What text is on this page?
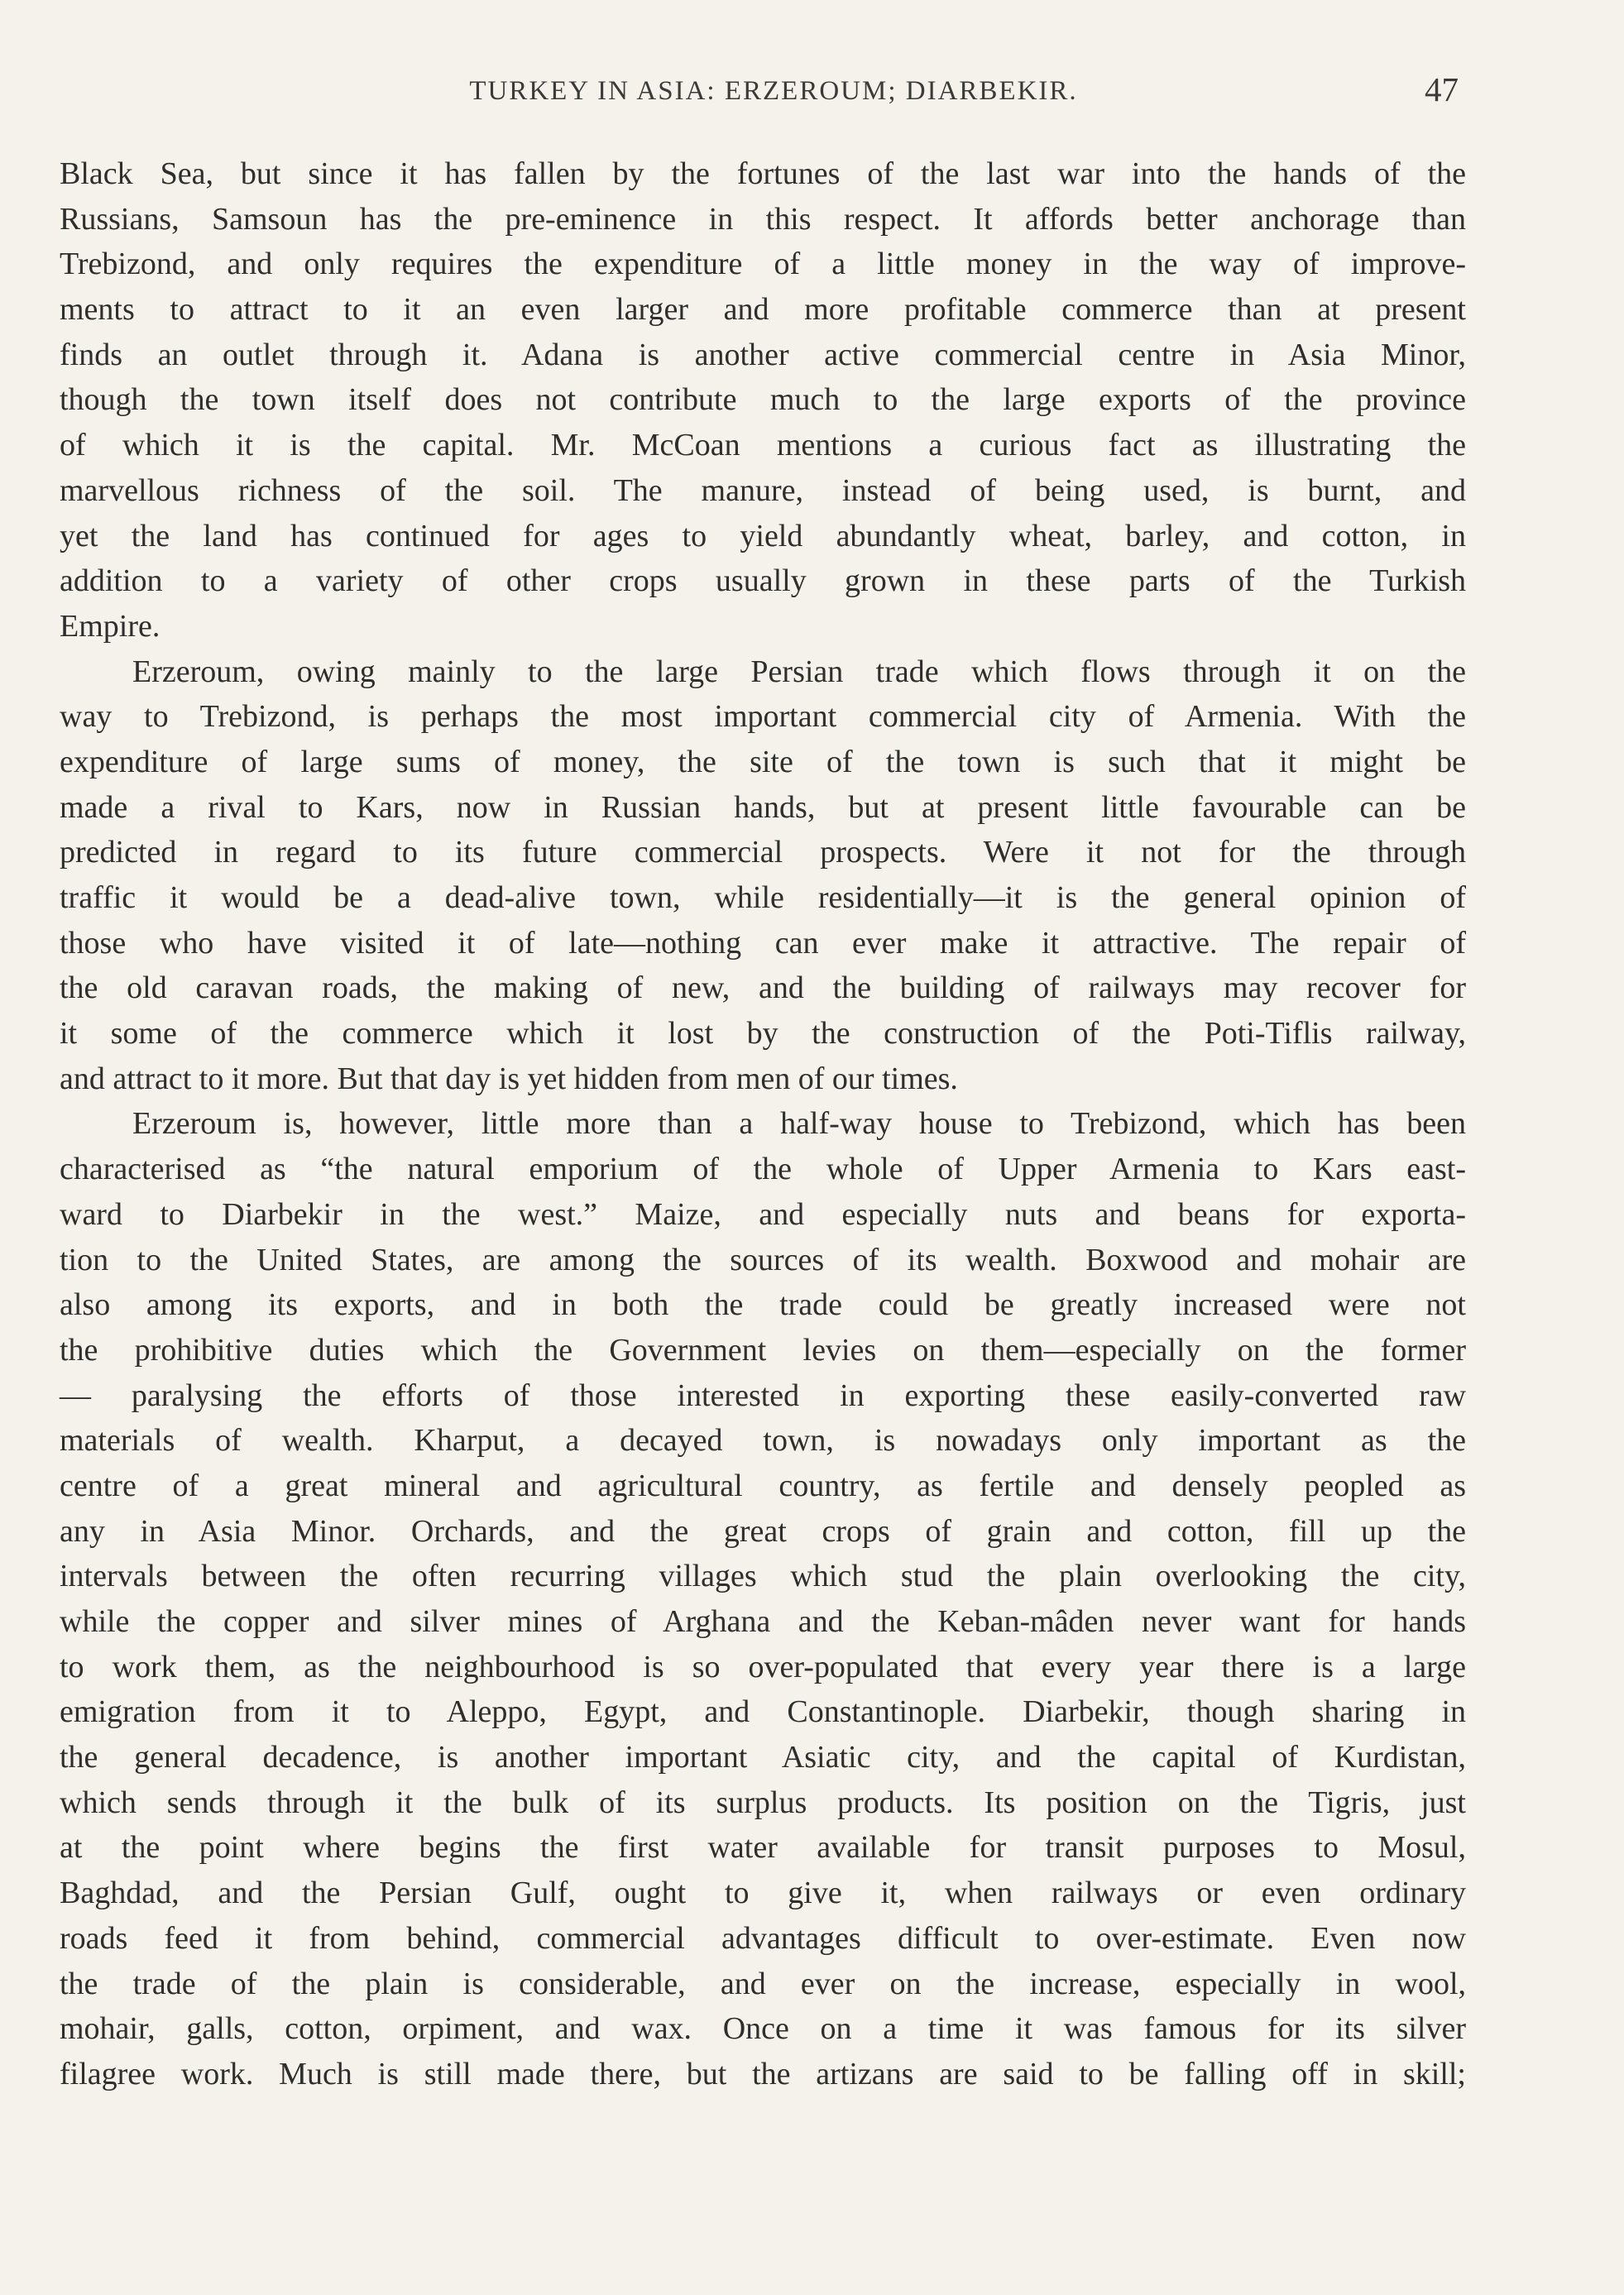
TURKEY IN ASIA: ERZEROUM; DIARBEKIR.	47
Black Sea, but since it has fallen by the fortunes of the last war into the hands of the
Russians, Samsoun has the pre-eminence in this respect. It affords better anchorage than
Trebizond, and only requires the expenditure of a little money in the way of improve-
ments to attract to it an even larger and more profitable commerce than at present
finds an outlet through it. Adana is another active commercial centre in Asia Minor,
though the town itself does not contribute much to the large exports of the province
of which it is the capital. Mr. McCoan mentions a curious fact as illustrating the
marvellous richness of the soil. The manure, instead of being used, is burnt, and
yet the land has continued for ages to yield abundantly wheat, barley, and cotton, in
addition to a variety of other crops usually grown in these parts of the Turkish
Empire.
Erzeroum, owing mainly to the large Persian trade which flows through it on the
way to Trebizond, is perhaps the most important commercial city of Armenia. With the
expenditure of large sums of money, the site of the town is such that it might be
made a rival to Kars, now in Russian hands, but at present little favourable can be
predicted in regard to its future commercial prospects. Were it not for the through
traffic it would be a dead-alive town, while residentially—it is the general opinion of
those who have visited it of late—nothing can ever make it attractive. The repair of
the old caravan roads, the making of new, and the building of railways may recover for
it some of the commerce which it lost by the construction of the Poti-Tiflis railway,
and attract to it more. But that day is yet hidden from men of our times.
Erzeroum is, however, little more than a half-way house to Trebizond, which has been
characterised as “the natural emporium of the whole of Upper Armenia to Kars east-
ward to Diarbekir in the west.” Maize, and especially nuts and beans for exporta-
tion to the United States, are among the sources of its wealth. Boxwood and mohair are
also among its exports, and in both the trade could be greatly increased were not
the prohibitive duties which the Government levies on them—especially on the former
— paralysing the efforts of those interested in exporting these easily-converted raw
materials of wealth. Kharput, a decayed town, is nowadays only important as the
centre of a great mineral and agricultural country, as fertile and densely peopled as
any in Asia Minor. Orchards, and the great crops of grain and cotton, fill up the
intervals between the often recurring villages which stud the plain overlooking the city,
while the copper and silver mines of Arghana and the Keban-mâden never want for hands
to work them, as the neighbourhood is so over-populated that every year there is a large
emigration from it to Aleppo, Egypt, and Constantinople. Diarbekir, though sharing in
the general decadence, is another important Asiatic city, and the capital of Kurdistan,
which sends through it the bulk of its surplus products. Its position on the Tigris, just
at the point where begins the first water available for transit purposes to Mosul,
Baghdad, and the Persian Gulf, ought to give it, when railways or even ordinary
roads feed it from behind, commercial advantages difficult to over-estimate. Even now
the trade of the plain is considerable, and ever on the increase, especially in wool,
mohair, galls, cotton, orpiment, and wax. Once on a time it was famous for its silver
filagree work. Much is still made there, but the artizans are said to be falling off in skill;
